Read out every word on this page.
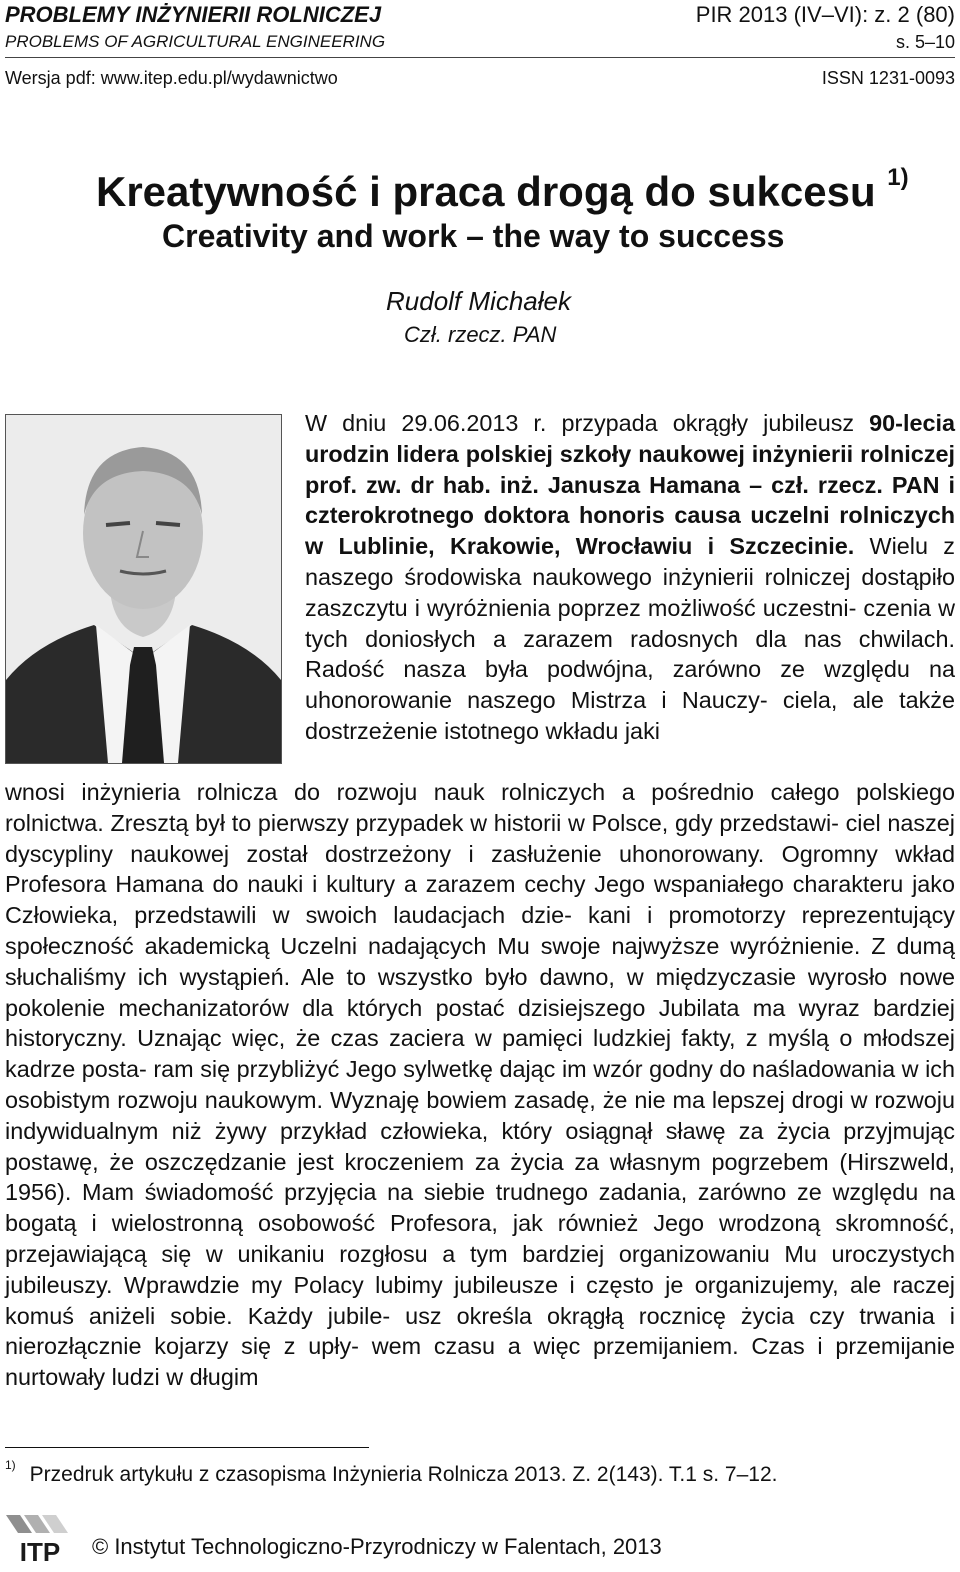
PROBLEMY INŻYNIERII ROLNICZEJ	PIR 2013 (IV–VI): z. 2 (80)
PROBLEMS OF AGRICULTURAL ENGINEERING	s. 5–10
Wersja pdf: www.itep.edu.pl/wydawnictwo	ISSN 1231-0093
Kreatywność i praca drogą do sukcesu $^{1)}$
Creativity and work – the way to success
Rudolf Michałek
Czł. rzecz. PAN
W dniu 29.06.2013 r. przypada okrągły jubileusz 90-lecia urodzin lidera polskiej szkoły naukowej inżynierii rolniczej prof. zw. dr hab. inż. Janusza Hamana – czł. rzecz. PAN i czterokrotnego doktora honoris causa uczelni rolniczych w Lublinie, Krakowie, Wrocławiu i Szczecinie. Wielu z naszego środowiska naukowego inżynierii rolniczej dostąpiło zaszczytu i wyróżnienia poprzez możliwość uczestni- czenia w tych doniosłych a zarazem radosnych dla nas chwilach. Radość nasza była podwójna, zarówno ze względu na uhonorowanie naszego Mistrza i Nauczy- ciela, ale także dostrzeżenie istotnego wkładu jaki
wnosi inżynieria rolnicza do rozwoju nauk rolniczych a pośrednio całego polskiego rolnictwa. Zresztą był to pierwszy przypadek w historii w Polsce, gdy przedstawi- ciel naszej dyscypliny naukowej został dostrzeżony i zasłużenie uhonorowany. Ogromny wkład Profesora Hamana do nauki i kultury a zarazem cechy Jego wspaniałego charakteru jako Człowieka, przedstawili w swoich laudacjach dzie- kani i promotorzy reprezentujący społeczność akademicką Uczelni nadających Mu swoje najwyższe wyróżnienie. Z dumą słuchaliśmy ich wystąpień. Ale to wszystko było dawno, w międzyczasie wyrosło nowe pokolenie mechanizatorów dla których postać dzisiejszego Jubilata ma wyraz bardziej historyczny. Uznając więc, że czas zaciera w pamięci ludzkiej fakty, z myślą o młodszej kadrze posta- ram się przybliżyć Jego sylwetkę dając im wzór godny do naśladowania w ich osobistym rozwoju naukowym. Wyznaję bowiem zasadę, że nie ma lepszej drogi w rozwoju indywidualnym niż żywy przykład człowieka, który osiągnął sławę za życia przyjmując postawę, że oszczędzanie jest kroczeniem za życia za własnym pogrzebem (Hirszweld, 1956). Mam świadomość przyjęcia na siebie trudnego zadania, zarówno ze względu na bogatą i wielostronną osobowość Profesora, jak również Jego wrodzoną skromność, przejawiającą się w unikaniu rozgłosu a tym bardziej organizowaniu Mu uroczystych jubileuszy. Wprawdzie my Polacy lubimy jubileusze i często je organizujemy, ale raczej komuś aniżeli sobie. Każdy jubile- usz określa okrągłą rocznicę życia czy trwania i nierozłącznie kojarzy się z upły- wem czasu a więc przemijaniem. Czas i przemijanie nurtowały ludzi w długim
$^{1)}$ Przedruk artykułu z czasopisma Inżynieria Rolnicza 2013. Z. 2(143). T.1 s. 7–12.
ITP © Instytut Technologiczno-Przyrodniczy w Falentach, 2013
